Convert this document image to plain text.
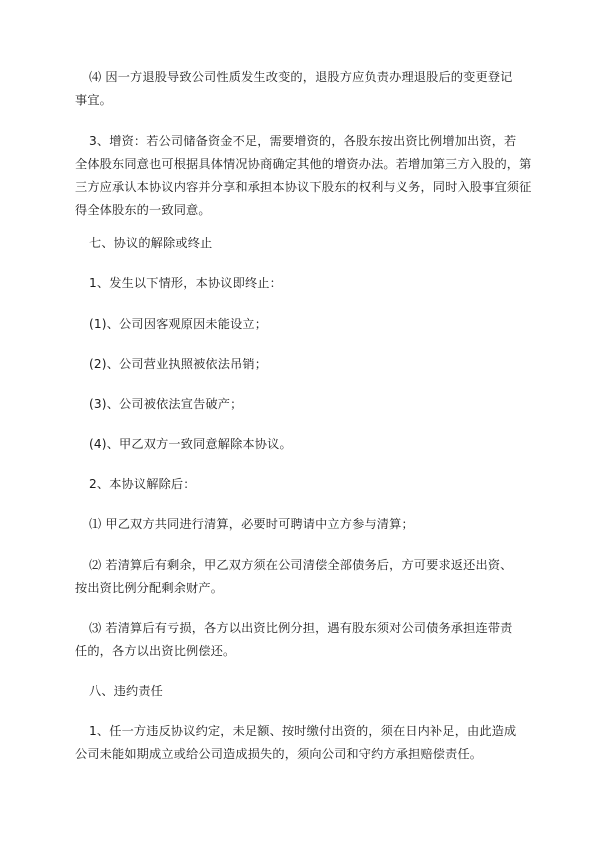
⑷ 因一方退股导致公司性质发生改变的，退股方应负责办理退股后的变更登记
事宜。
3、增资：若公司储备资金不足，需要增资的，各股东按出资比例增加出资，若
全体股东同意也可根据具体情况协商确定其他的增资办法。若增加第三方入股的，第
三方应承认本协议内容并分享和承担本协议下股东的权利与义务，同时入股事宜须征
得全体股东的一致同意。
七、协议的解除或终止
1、发生以下情形，本协议即终止：
(1)、公司因客观原因未能设立；
(2)、公司营业执照被依法吊销；
(3)、公司被依法宣告破产；
(4)、甲乙双方一致同意解除本协议。
2、本协议解除后：
⑴ 甲乙双方共同进行清算，必要时可聘请中立方参与清算；
⑵ 若清算后有剩余，甲乙双方须在公司清偿全部债务后，方可要求返还出资、
按出资比例分配剩余财产。
⑶ 若清算后有亏损，各方以出资比例分担，遇有股东须对公司债务承担连带责
任的，各方以出资比例偿还。
八、违约责任
1、任一方违反协议约定，未足额、按时缴付出资的，须在日内补足，由此造成
公司未能如期成立或给公司造成损失的，须向公司和守约方承担赔偿责任。
